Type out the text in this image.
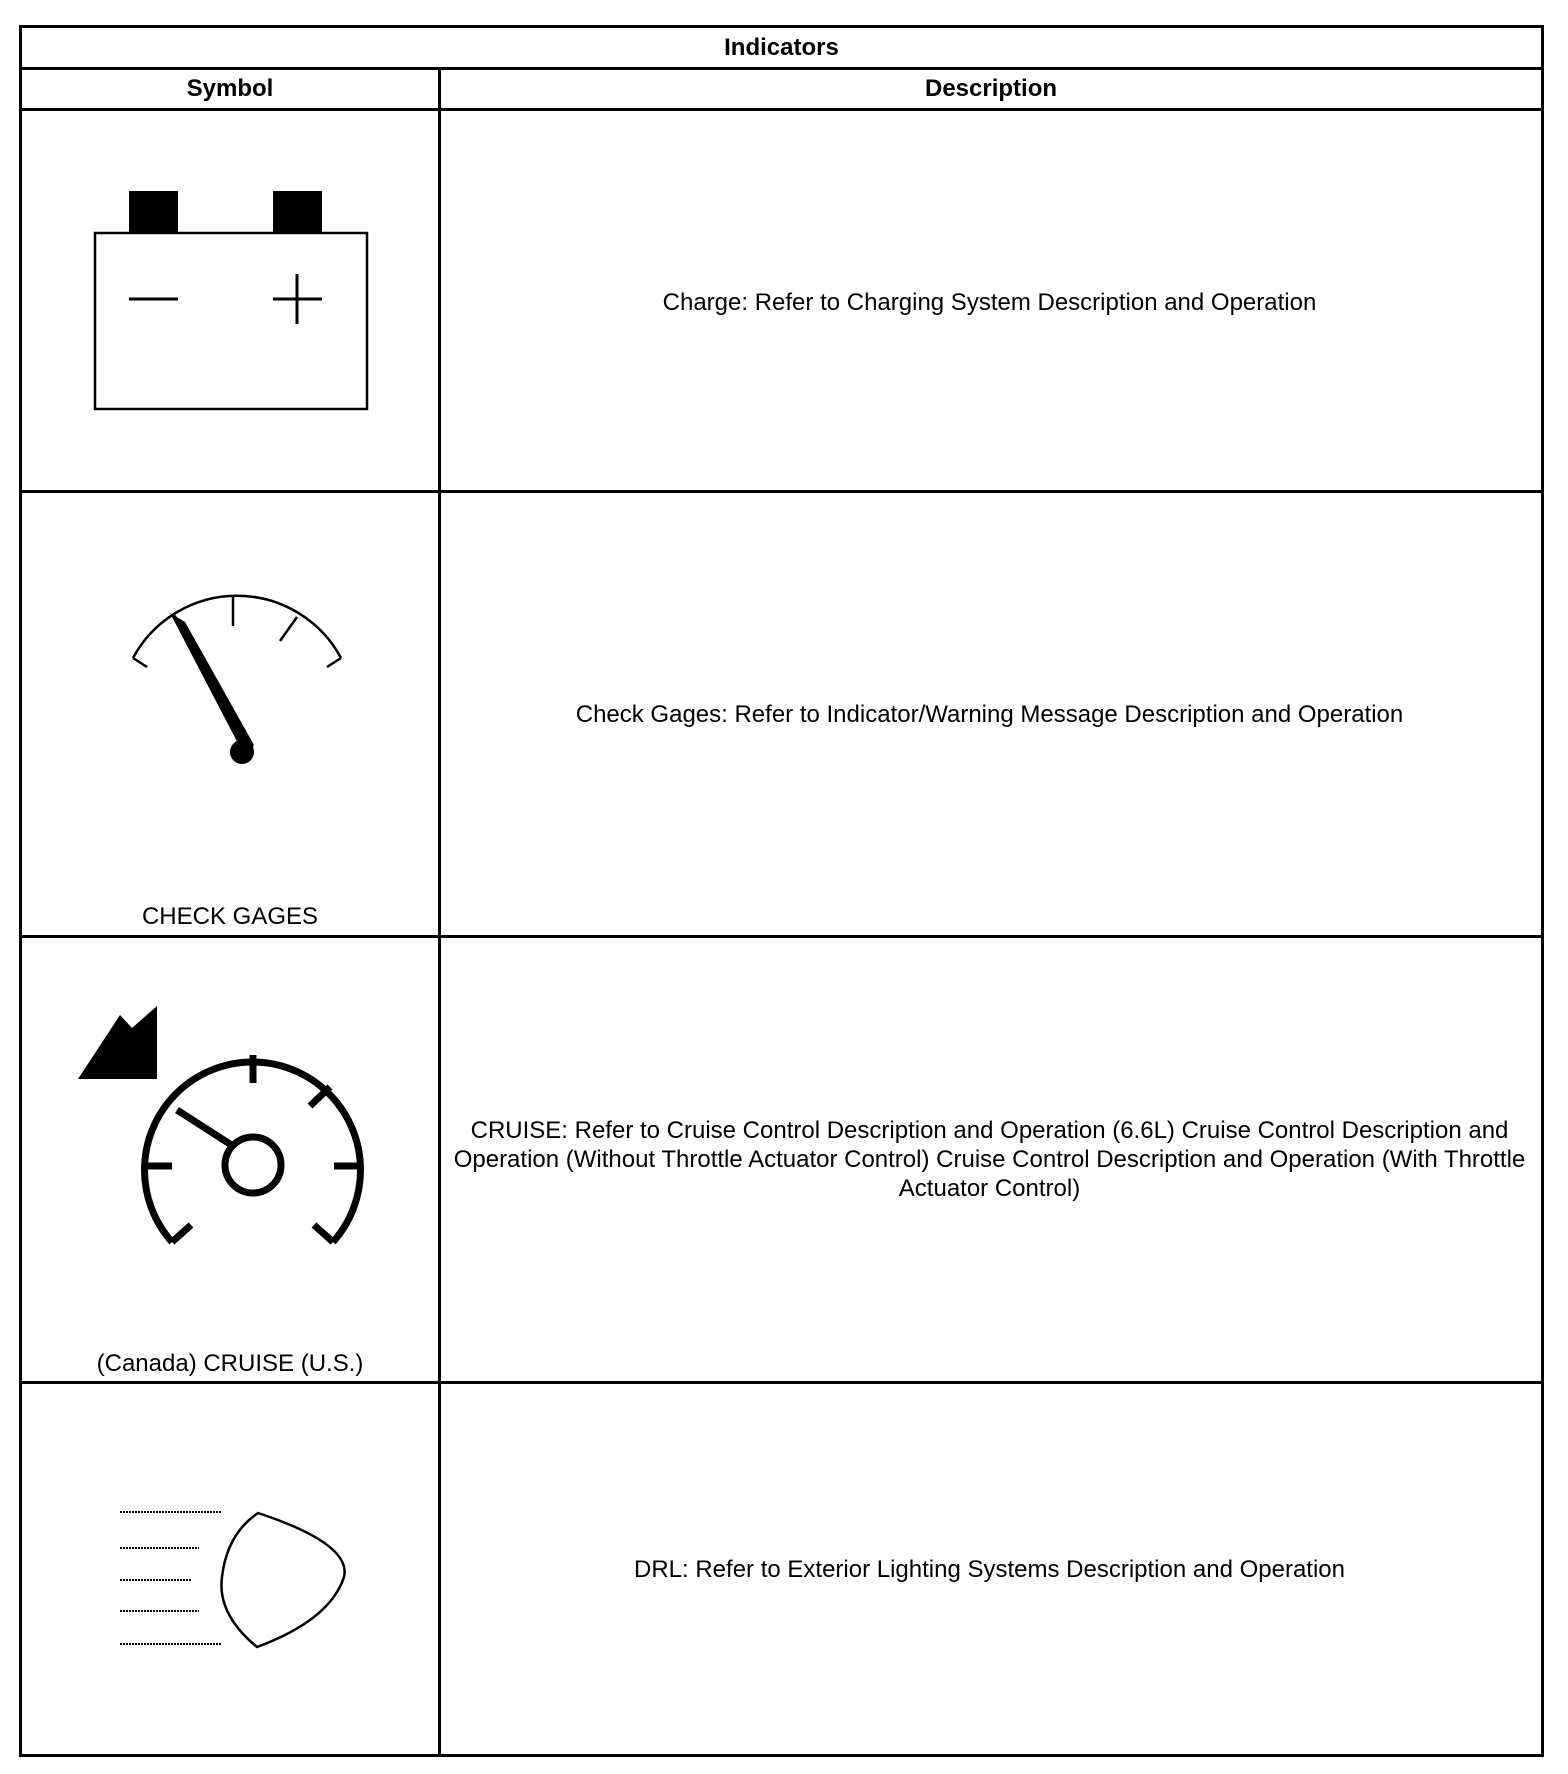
Indicators
Symbol	Description
Charge: Refer to Charging System Description and Operation
CHECK GAGES
Check Gages: Refer to Indicator/Warning Message Description and Operation
(Canada) CRUISE (U.S.)
CRUISE: Refer to Cruise Control Description and Operation (6.6L) Cruise Control Description and Operation (Without Throttle Actuator Control) Cruise Control Description and Operation (With Throttle Actuator Control)
DRL: Refer to Exterior Lighting Systems Description and Operation
